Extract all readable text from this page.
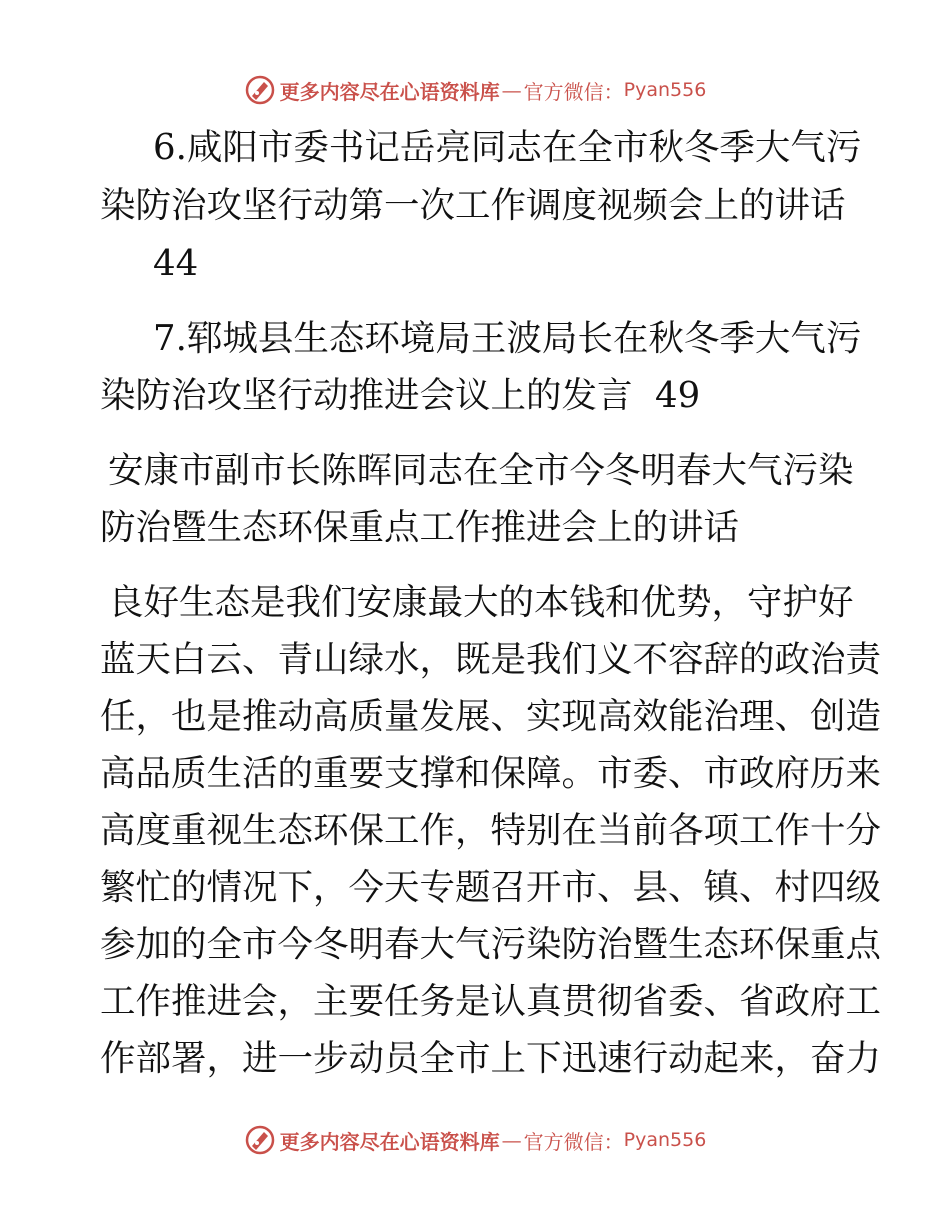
更多内容尽在心语资料库 — 官方微信： Pyan556
6.咸阳市委书记岳亮同志在全市秋冬季大气污
染防治攻坚行动第一次工作调度视频会上的讲话
44
7.郓城县生态环境局王波局长在秋冬季大气污
染防治攻坚行动推进会议上的发言 49
安康市副市长陈晖同志在全市今冬明春大气污染
防治暨生态环保重点工作推进会上的讲话
良好生态是我们安康最大的本钱和优势，守护好
蓝天白云、青山绿水，既是我们义不容辞的政治责
任，也是推动高质量发展、实现高效能治理、创造
高品质生活的重要支撑和保障。市委、市政府历来
高度重视生态环保工作，特别在当前各项工作十分
繁忙的情况下，今天专题召开市、县、镇、村四级
参加的全市今冬明春大气污染防治暨生态环保重点
工作推进会，主要任务是认真贯彻省委、省政府工
作部署，进一步动员全市上下迅速行动起来，奋力
更多内容尽在心语资料库 — 官方微信： Pyan556
